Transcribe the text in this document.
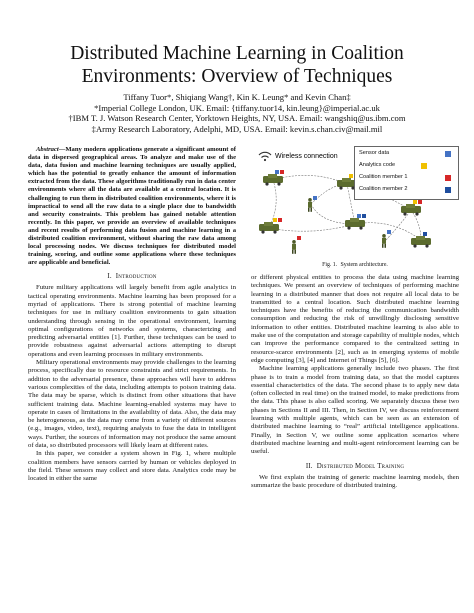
Distributed Machine Learning in Coalition
Environments: Overview of Techniques
Tiffany Tuor*, Shiqiang Wang†, Kin K. Leung* and Kevin Chan‡
*Imperial College London, UK. Email: {tiffany.tuor14, kin.leung}@imperial.ac.uk
†IBM T. J. Watson Research Center, Yorktown Heights, NY, USA. Email: wangshiq@us.ibm.com
‡Army Research Laboratory, Adelphi, MD, USA. Email: kevin.s.chan.civ@mail.mil

Abstract—Many modern applications generate a significant amount of data in dispersed geographical areas. To analyze and make use of the data, data fusion and machine learning techniques are usually applied, which has the potential to greatly enhance the amount of information extracted from the data. These algorithms traditionally run in data center environments where all the data are available at a central location. It is challenging to run them in distributed coalition environments, where it is impractical to send all the raw data to a single place due to bandwidth and security constraints. This problem has gained notable attention recently. In this paper, we provide an overview of available techniques and recent results of performing data fusion and machine learning in a distributed coalition environment, without sharing the raw data among local processing nodes. We discuss techniques for distributed model training, scoring, and outline some applications where these techniques are applicable and beneficial.

I. Introduction

Future military applications will largely benefit from agile analytics in tactical operating environments. Machine learning has been proposed for a myriad of applications. There is strong potential of machine learning techniques for use in military coalition environments to gain situation understanding through sensing in the operational environment, learning optimal configurations of networks and systems, characterizing and predicting adversarial entities [1]. Further, these techniques can be used to provide robustness against adversarial actions attempting to disrupt operations and even learning processes in military environments.

Military operational environments may provide challenges to the learning process, specifically due to resource constraints and strict requirements. In addition to the adversarial presence, these approaches will have to address various complexities of the data, including attempts to poison training data. The data may be sparse, which is distinct from other situations that have sufficient training data. Machine learning-enabled systems may have to operate in cases of limitations in the availability of data. Also, the data may be heterogeneous, as the data may come from a variety of different sources (e.g., images, video, text), requiring analysts to fuse the data in intelligent ways. Further, the sources of information may not produce the same amount of data, so distributed processors will likely learn at different rates.

In this paper, we consider a system shown in Fig. 1, where multiple coalition members have sensors carried by human or vehicles deployed in the field. These sensors may collect and store data. Analytics code may be located in either the same

Wireless connection	Sensor data
Analytics code
Coalition member 1
Coalition member 2
Fig. 1. System architecture.

or different physical entities to process the data using machine learning techniques. We present an overview of techniques of performing machine learning in a distributed manner that does not require all local data to be transmitted to a central location. Such distributed machine learning techniques have the benefits of reducing the communication bandwidth consumption and reducing the risk of unwillingly disclosing sensitive information to other entities. Distributed machine learning is also able to make use of the computation and storage capability of multiple nodes, which can improve the performance compared to the centralized setting in resource-scarce environments [2], such as in emerging systems of mobile edge computing [3], [4] and Internet of Things [5], [6].

Machine learning applications generally include two phases. The first phase is to train a model from training data, so that the model captures essential characteristics of the data. The second phase is to apply new data (often collected in real time) on the trained model, to make predictions from the data. This phase is also called scoring. We separately discuss these two phases in Sections II and III. Then, in Section IV, we discuss reinforcement learning with multiple agents, which can be seen as an extension of distributed machine learning to “real” artificial intelligence applications. Finally, in Section V, we outline some application scenarios where distributed machine learning and multi-agent reinforcement learning can be useful.

II. Distributed Model Training

We first explain the training of generic machine learning models, then summarize the basic procedure of distributed training.
